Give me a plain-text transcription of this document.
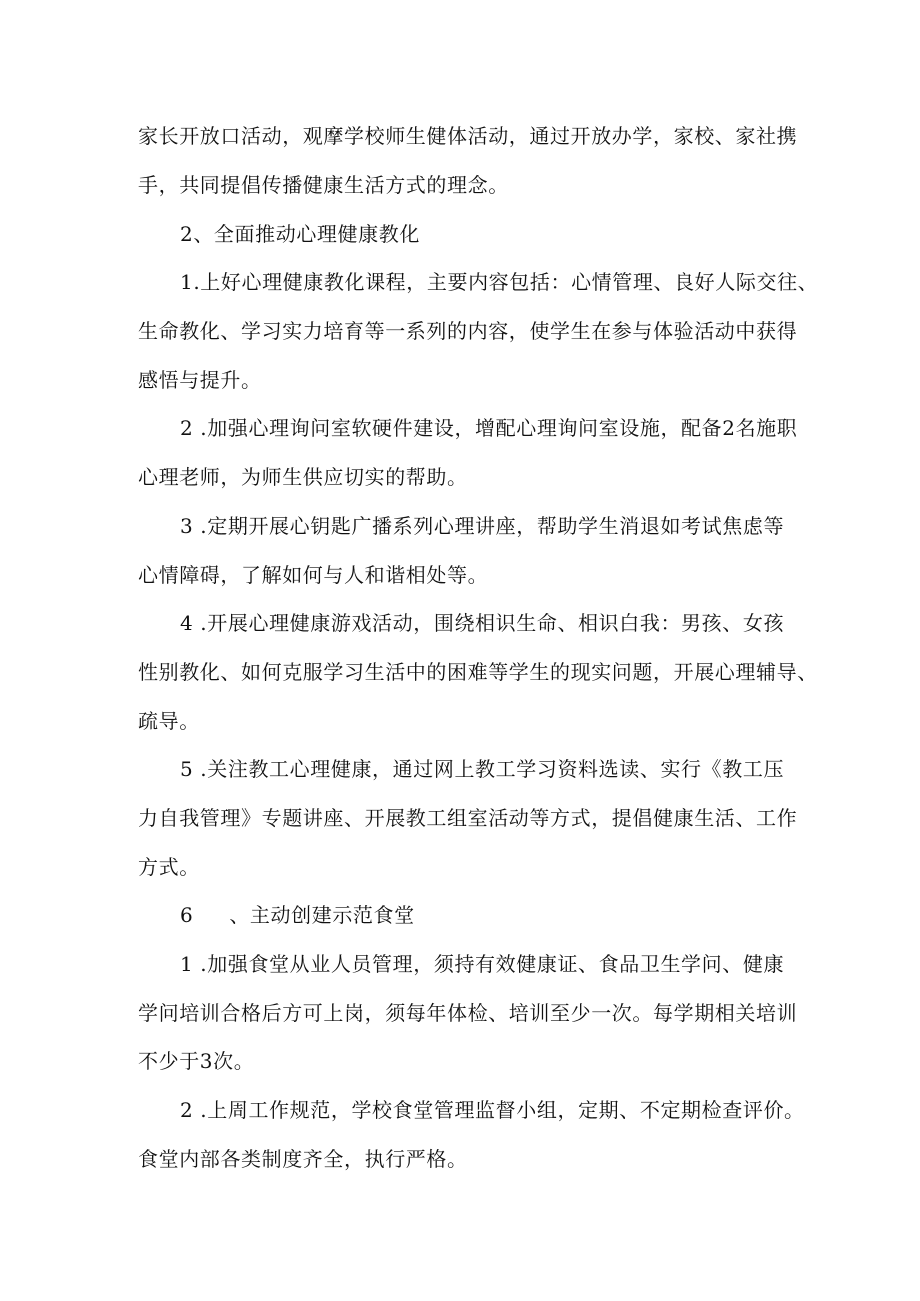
家长开放口活动，观摩学校师生健体活动，通过开放办学，家校、家社携
手，共同提倡传播健康生活方式的理念。
2、全面推动心理健康教化
1.上好心理健康教化课程，主要内容包括：心情管理、良好人际交往、
生命教化、学习实力培育等一系列的内容，使学生在参与体验活动中获得
感悟与提升。
2 .加强心理询问室软硬件建设，增配心理询问室设施，配备2名施职
心理老师，为师生供应切实的帮助。
3 .定期开展心钥匙广播系列心理讲座，帮助学生消退如考试焦虑等
心情障碍，了解如何与人和谐相处等。
4 .开展心理健康游戏活动，围绕相识生命、相识白我：男孩、女孩
性别教化、如何克服学习生活中的困难等学生的现实问题，开展心理辅导、
疏导。
5 .关注教工心理健康，通过网上教工学习资料选读、实行《教工压
力自我管理》专题讲座、开展教工组室活动等方式，提倡健康生活、工作
方式。
6 、主动创建示范食堂
1 .加强食堂从业人员管理，须持有效健康证、食品卫生学问、健康
学问培训合格后方可上岗，须每年体检、培训至少一次。每学期相关培训
不少于3次。
2 .上周工作规范，学校食堂管理监督小组，定期、不定期检查评价。
食堂内部各类制度齐全，执行严格。
